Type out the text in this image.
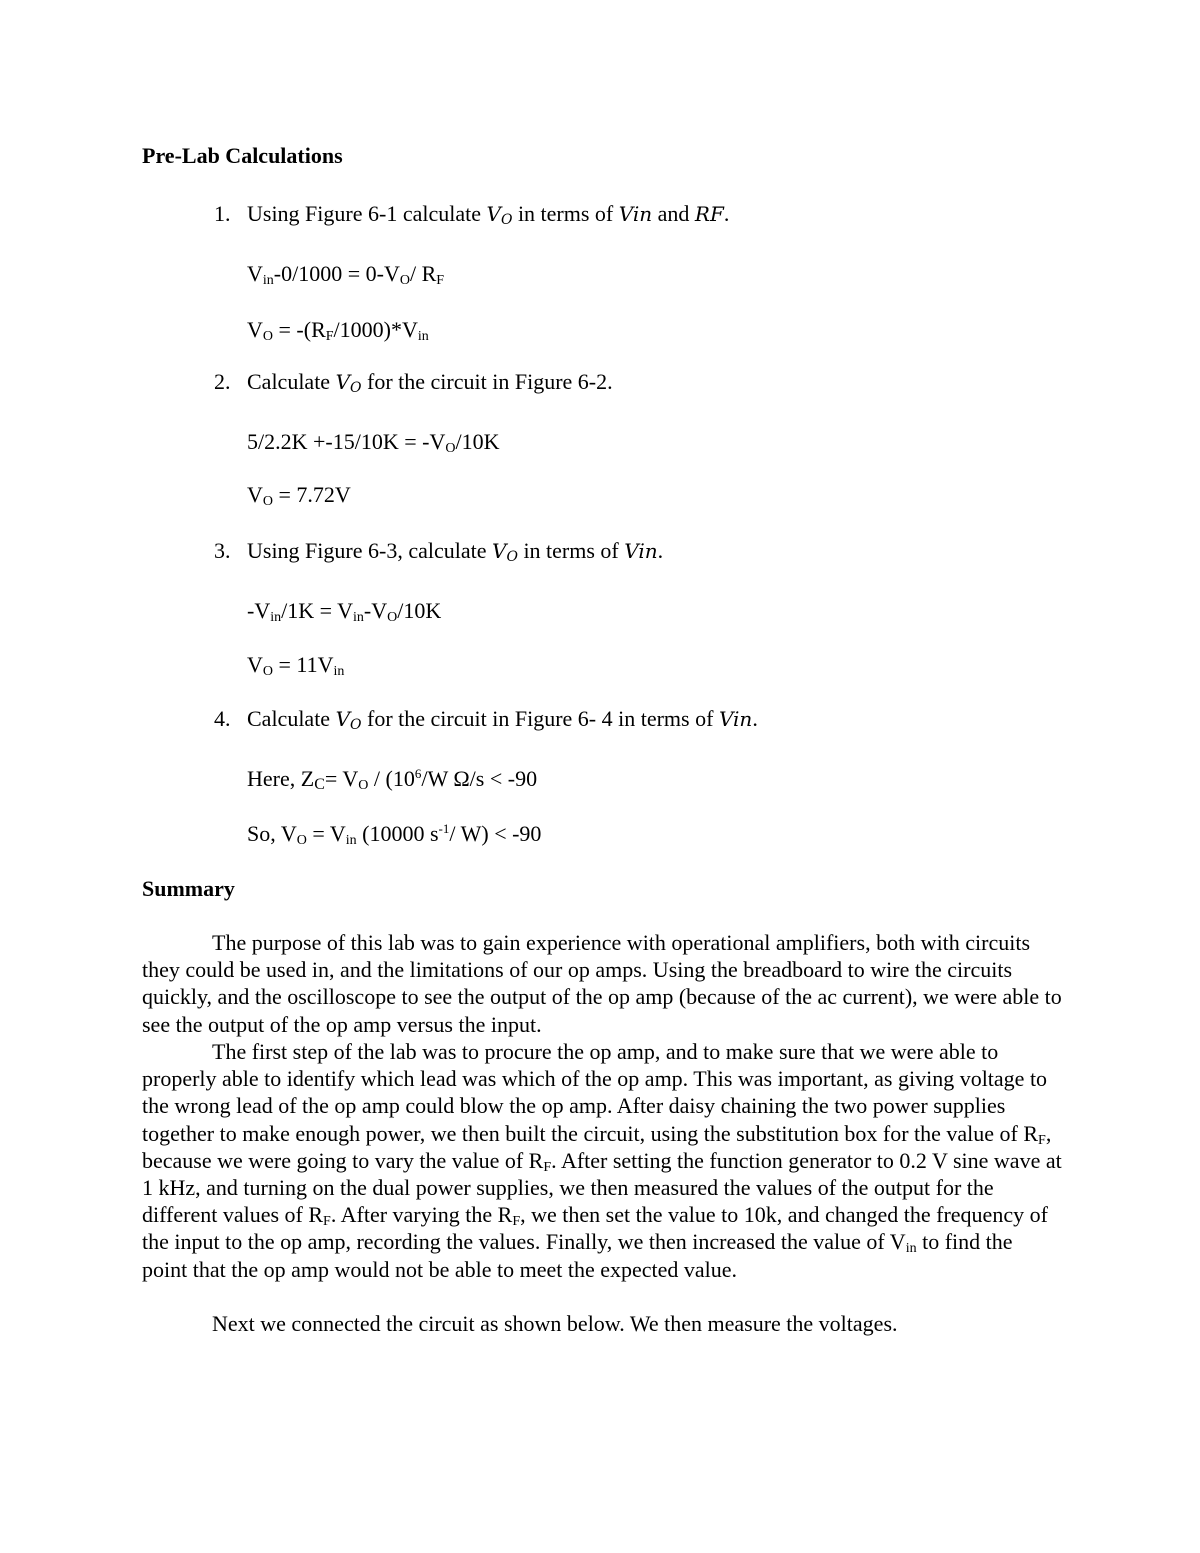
Pre-Lab Calculations
1. Using Figure 6-1 calculate $V_O$ in terms of Vin and RF.
$V_{in}-0/1000 = 0-V_O/$ $R_F$
$V_O = -(R_F/1000)*V_{in}$
2. Calculate $V_O$ for the circuit in Figure 6-2.
$5/2.2K +-15/10K = -V_O/10K$
$V_O = 7.72V$
3. Using Figure 6-3, calculate $V_O$ in terms of Vin.
$-V_{in}/1K = V_{in}-V_O/10K$
$V_O = 11V_{in}$
4. Calculate $V_O$ for the circuit in Figure 6- 4 in terms of Vin.
Here, $Z_C= V_O / (10^6/W$ Ω/s < -90
So, $V_O = V_{in}$ (10000 $s^{-1}/$ W) < -90
Summary

The purpose of this lab was to gain experience with operational amplifiers, both with circuits they could be used in, and the limitations of our op amps. Using the breadboard to wire the circuits quickly, and the oscilloscope to see the output of the op amp (because of the ac current), we were able to see the output of the op amp versus the input.

The first step of the lab was to procure the op amp, and to make sure that we were able to properly able to identify which lead was which of the op amp. This was important, as giving voltage to the wrong lead of the op amp could blow the op amp. After daisy chaining the two power supplies together to make enough power, we then built the circuit, using the substitution box for the value of $R_F$, because we were going to vary the value of $R_F$. After setting the function generator to 0.2 V sine wave at 1 kHz, and turning on the dual power supplies, we then measured the values of the output for the different values of $R_F$. After varying the $R_F$, we then set the value to 10k, and changed the frequency of the input to the op amp, recording the values. Finally, we then increased the value of $V_{in}$ to find the point that the op amp would not be able to meet the expected value.

Next we connected the circuit as shown below. We then measure the voltages.
